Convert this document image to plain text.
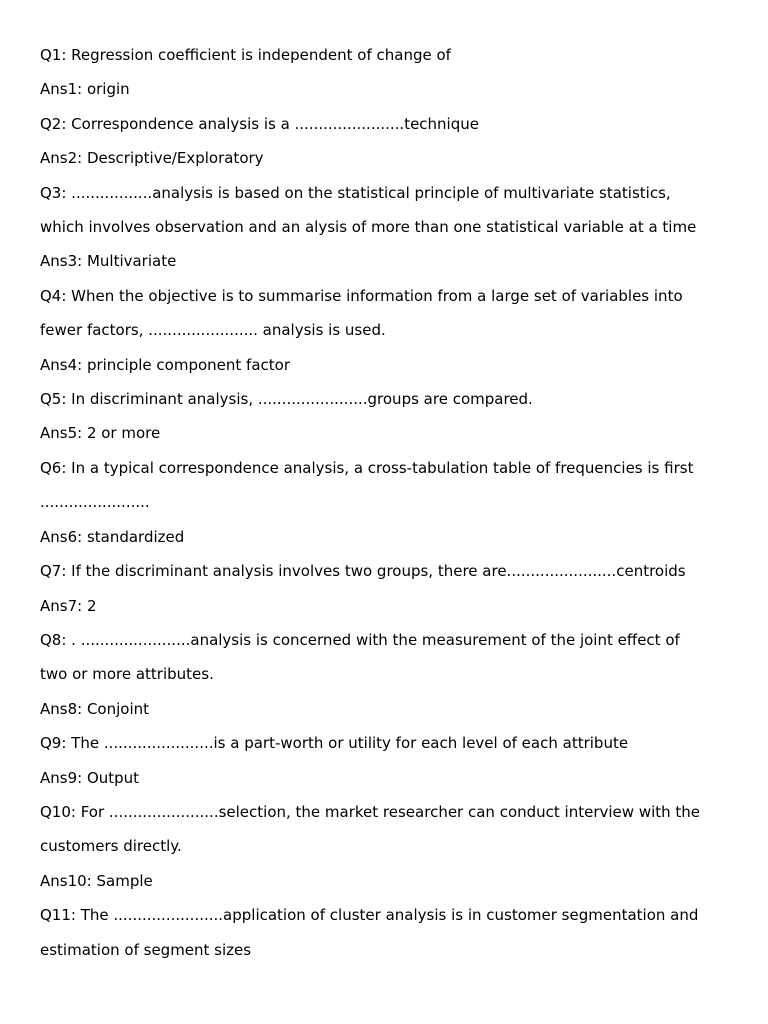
Q1: Regression coefficient is independent of change of
Ans1: origin
Q2: Correspondence analysis is a .......................technique
Ans2: Descriptive/Exploratory
Q3: .................analysis is based on the statistical principle of multivariate statistics,
which involves observation and an alysis of more than one statistical variable at a time
Ans3: Multivariate
Q4: When the objective is to summarise information from a large set of variables into
fewer factors, ....................... analysis is used.
Ans4: principle component factor
Q5: In discriminant analysis, .......................groups are compared.
Ans5: 2 or more
Q6: In a typical correspondence analysis, a cross-tabulation table of frequencies is first
.......................
Ans6: standardized
Q7: If the discriminant analysis involves two groups, there are.......................centroids
Ans7: 2
Q8: . .......................analysis is concerned with the measurement of the joint effect of
two or more attributes.
Ans8: Conjoint
Q9: The .......................is a part-worth or utility for each level of each attribute
Ans9: Output
Q10: For .......................selection, the market researcher can conduct interview with the
customers directly.
Ans10: Sample
Q11: The .......................application of cluster analysis is in customer segmentation and
estimation of segment sizes
